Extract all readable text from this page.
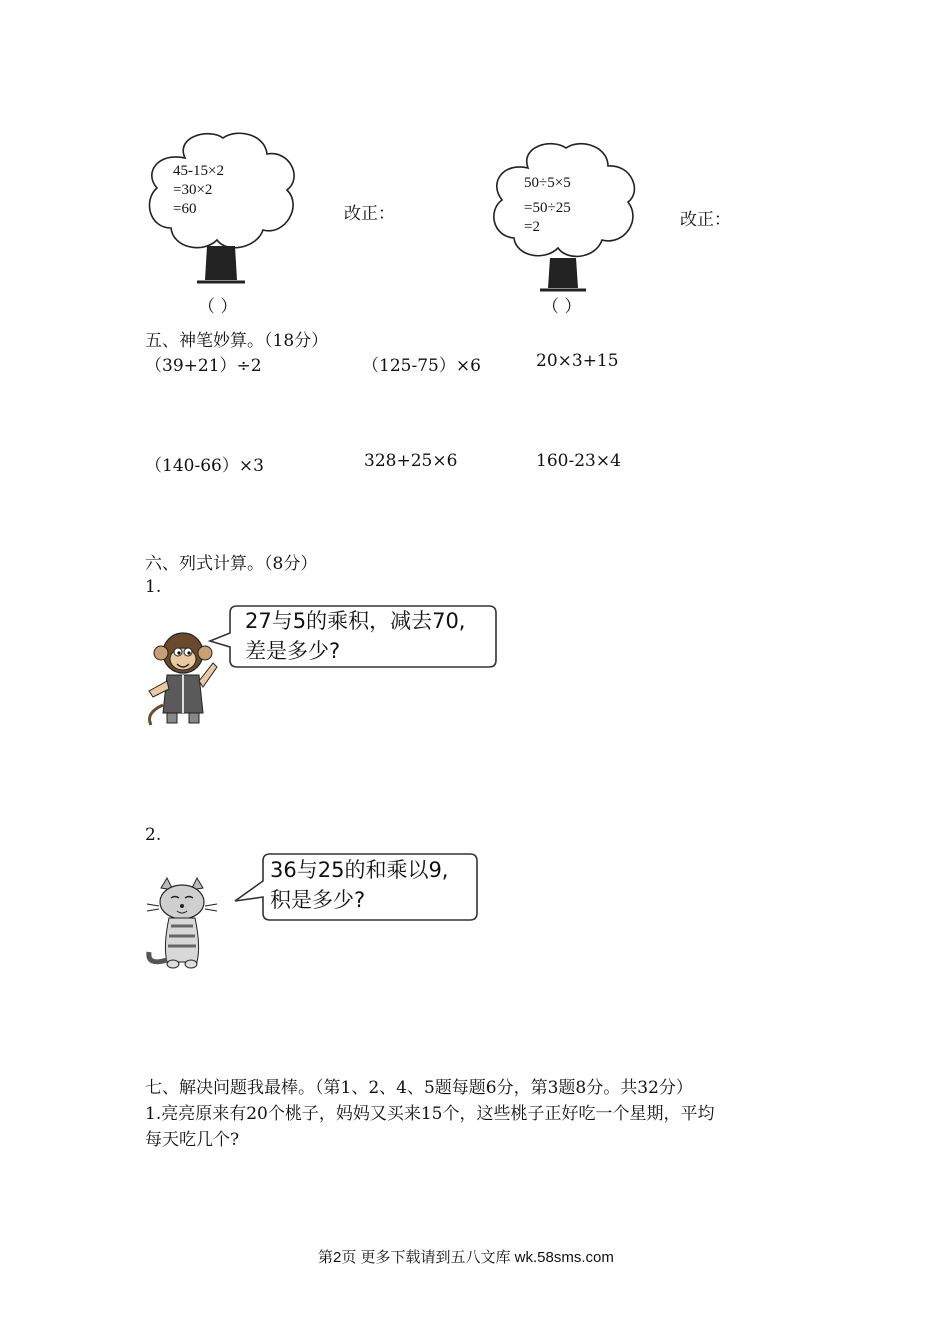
45-15×2
=30×2
=60
（ ）
改正：
50÷5×5
=50÷25
=2
（ ）
改正：
五、神笔妙算。（18分）
（39+21）÷2	（125-75）×6	20×3+15
（140-66）×3	328+25×6	160-23×4
六、列式计算。（8分）
1.
27与5的乘积，减去70,
差是多少?
2.
36与25的和乘以9,
积是多少?
七、解决问题我最棒。（第1、2、4、5题每题6分，第3题8分。共32分）
1.亮亮原来有20个桃子，妈妈又买来15个，这些桃子正好吃一个星期，平均
每天吃几个?
第2页 更多下载请到五八文库 wk.58sms.com
